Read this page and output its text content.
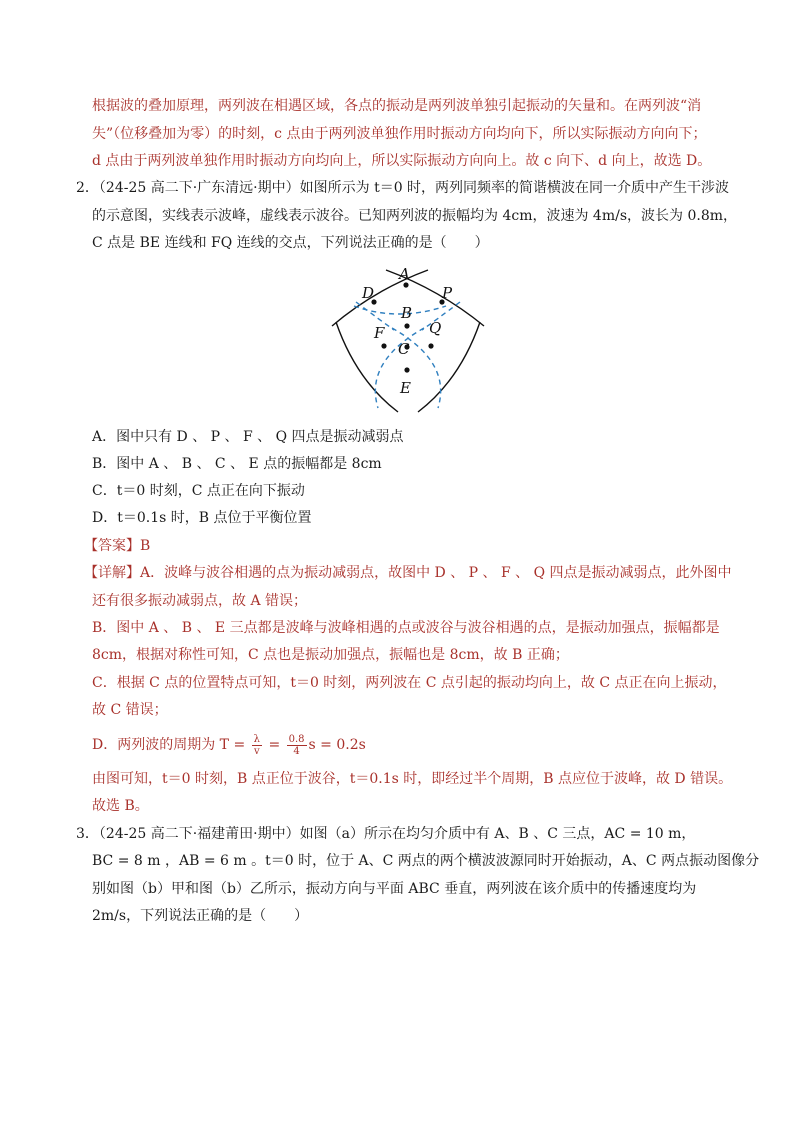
根据波的叠加原理，两列波在相遇区域，各点的振动是两列波单独引起振动的矢量和。在两列波“消
失”（位移叠加为零）的时刻，c 点由于两列波单独作用时振动方向均向下，所以实际振动方向向下；
d 点由于两列波单独作用时振动方向均向上，所以实际振动方向向上。故 c 向下、d 向上，故选 D。
2．（24-25 高二下·广东清远·期中）如图所示为 t＝0 时，两列同频率的简谐横波在同一介质中产生干涉波
的示意图，实线表示波峰，虚线表示波谷。已知两列波的振幅均为 4cm，波速为 4m/s，波长为 0.8m，
C 点是 BE 连线和 FQ 连线的交点，下列说法正确的是（　　）
A
D	P
B
F	Q
C
E
A．图中只有 D 、 P 、 F 、 Q 四点是振动减弱点
B．图中 A 、 B 、 C 、 E 点的振幅都是 8cm
C．t＝0 时刻，C 点正在向下振动
D．t＝0.1s 时，B 点位于平衡位置
【答案】B
【详解】A．波峰与波谷相遇的点为振动减弱点，故图中 D 、 P 、 F 、 Q 四点是振动减弱点，此外图中
还有很多振动减弱点，故 A 错误；
B．图中 A 、 B 、 E 三点都是波峰与波峰相遇的点或波谷与波谷相遇的点，是振动加强点，振幅都是
8cm，根据对称性可知，C 点也是振动加强点，振幅也是 8cm，故 B 正确；
C．根据 C 点的位置特点可知，t＝0 时刻，两列波在 C 点引起的振动均向上，故 C 点正在向上振动，
故 C 错误；
D．两列波的周期为 $T = \frac{\lambda}{v} = \frac{0.8}{4}$ s = 0.2s
由图可知，t＝0 时刻，B 点正位于波谷，t＝0.1s 时，即经过半个周期，B 点应位于波峰，故 D 错误。
故选 B。
3．（24-25 高二下·福建莆田·期中）如图（a）所示在均匀介质中有 A、B 、C 三点，AC = 10 m，
BC = 8 m ，AB = 6 m 。t＝0 时，位于 A、C 两点的两个横波波源同时开始振动，A、C 两点振动图像分
别如图（b）甲和图（b）乙所示，振动方向与平面 ABC 垂直，两列波在该介质中的传播速度均为
2m/s，下列说法正确的是（　　）
